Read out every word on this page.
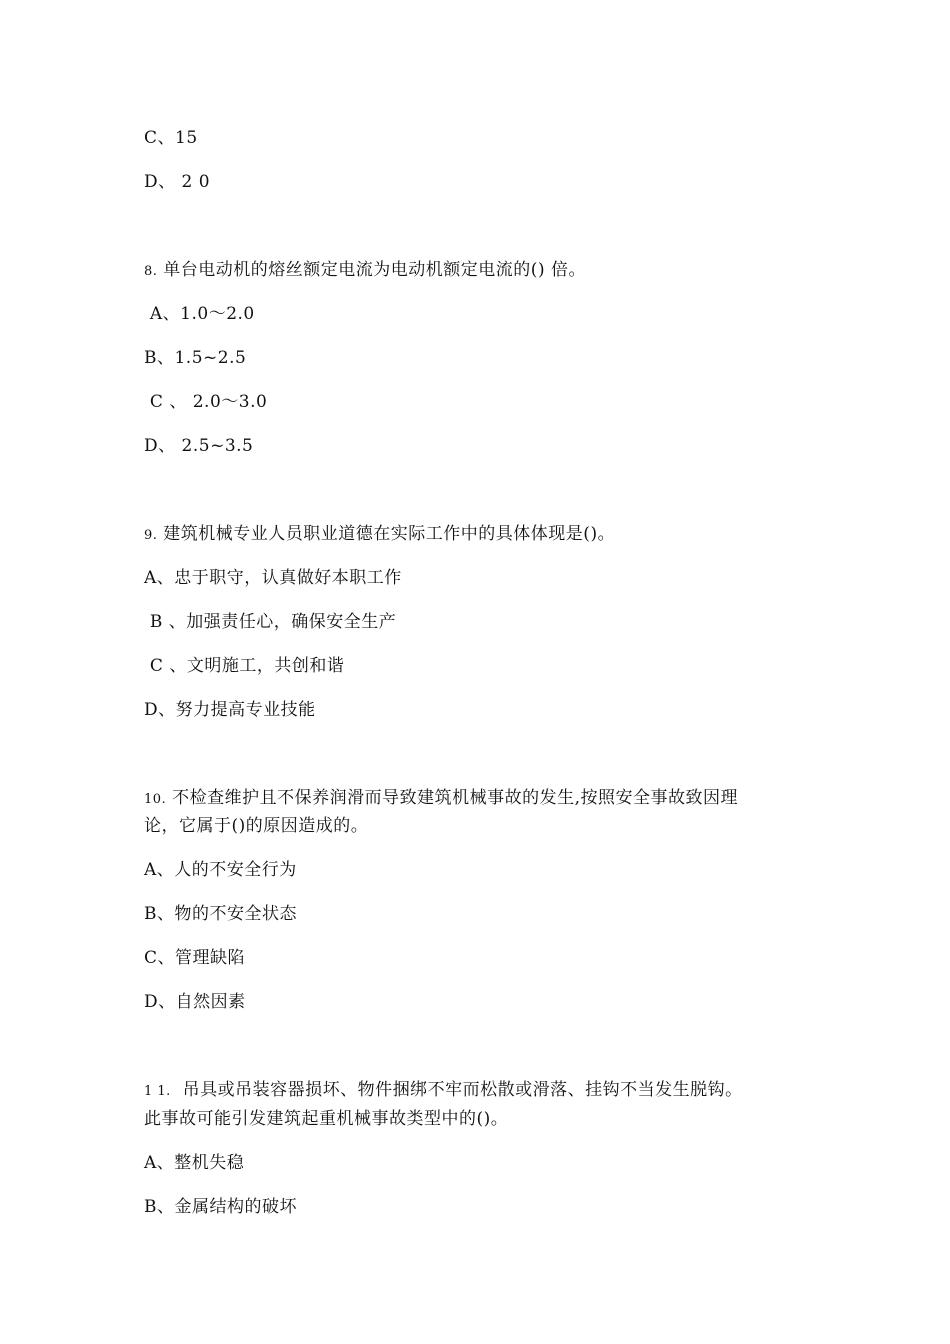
C、15
D、 2 0
8. 单台电动机的熔丝额定电流为电动机额定电流的() 倍。
A、1.0～2.0
B、1.5~2.5
C 、 2.0～3.0
D、 2.5~3.5
9. 建筑机械专业人员职业道德在实际工作中的具体体现是()。
A、忠于职守，认真做好本职工作
B 、加强责任心，确保安全生产
C 、文明施工，共创和谐
D、努力提高专业技能
10. 不检查维护且不保养润滑而导致建筑机械事故的发生,按照安全事故致因理
论，它属于()的原因造成的。
A、人的不安全行为
B、物的不安全状态
C、管理缺陷
D、自然因素
1 1.  吊具或吊装容器损坏、物件捆绑不牢而松散或滑落、挂钩不当发生脱钩。
此事故可能引发建筑起重机械事故类型中的()。
A、整机失稳
B、金属结构的破坏
